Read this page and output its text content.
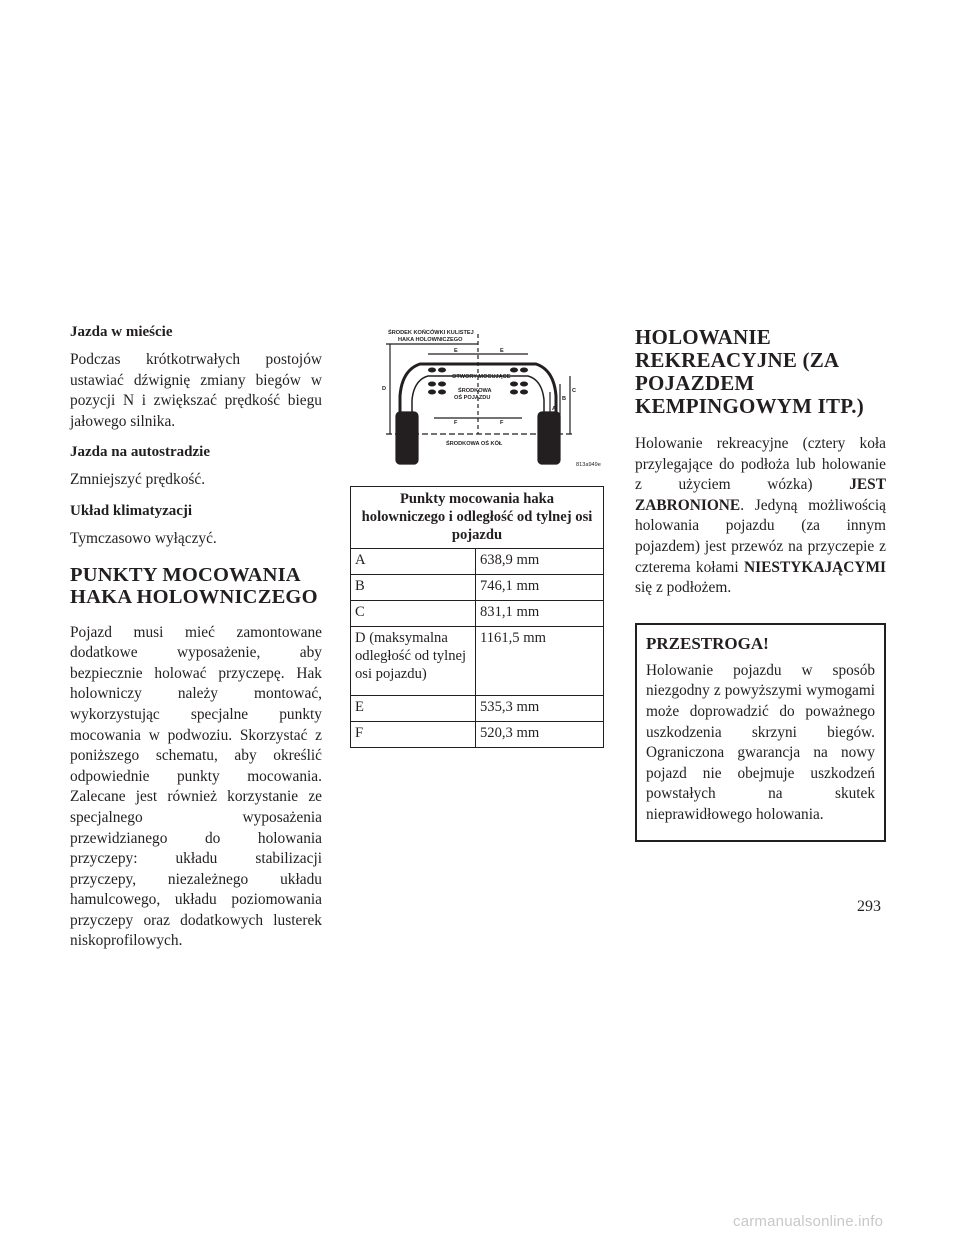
Jazda w mieście
Podczas krótkotrwałych postojów ustawiać dźwignię zmiany biegów w pozycji N i zwiększać prędkość biegu jałowego silnika.
Jazda na autostradzie
Zmniejszyć prędkość.
Układ klimatyzacji
Tymczasowo wyłączyć.
PUNKTY MOCOWANIA HAKA HOLOWNICZEGO
Pojazd musi mieć zamontowane dodatkowe wyposażenie, aby bezpiecznie holować przyczepę. Hak holowniczy należy montować, wykorzystując specjalne punkty mocowania w podwoziu. Skorzystać z poniższego schematu, aby określić odpowiednie punkty mocowania. Zalecane jest również korzystanie ze specjalnego wyposażenia przewidzianego do holowania przyczepy: układu stabilizacji przyczepy, niezależnego układu hamulcowego, układu poziomowania przyczepy oraz dodatkowych lusterek niskoprofilowych.
ŚRODEK KOŃCÓWKI KULISTEJ
HAKA HOLOWNICZEGO
OTWORY MOCUJĄCE
ŚRODKOWA
OŚ POJAZDU
ŚRODKOWA OŚ KÓŁ
D
A
B
C
E	E
F	F
813a949e
Punkty mocowania haka holowniczego i odległość od tylnej osi pojazdu	
A	638,9 mm
B	746,1 mm
C	831,1 mm
D (maksymalna odległość od tylnej osi pojazdu)	1161,5 mm
E	535,3 mm
F	520,3 mm
HOLOWANIE REKREACYJNE (ZA POJAZDEM KEMPINGOWYM ITP.)
Holowanie rekreacyjne (cztery koła przylegające do podłoża lub holowanie z użyciem wózka) JEST ZABRONIONE. Jedyną możliwością holowania pojazdu (za innym pojazdem) jest przewóz na przyczepie z czterema kołami NIESTYKAJĄCYMI się z podłożem.
PRZESTROGA!
Holowanie pojazdu w sposób niezgodny z powyższymi wymogami może doprowadzić do poważnego uszkodzenia skrzyni biegów. Ograniczona gwarancja na nowy pojazd nie obejmuje uszkodzeń powstałych na skutek nieprawidłowego holowania.
293
carmanualsonline.info
